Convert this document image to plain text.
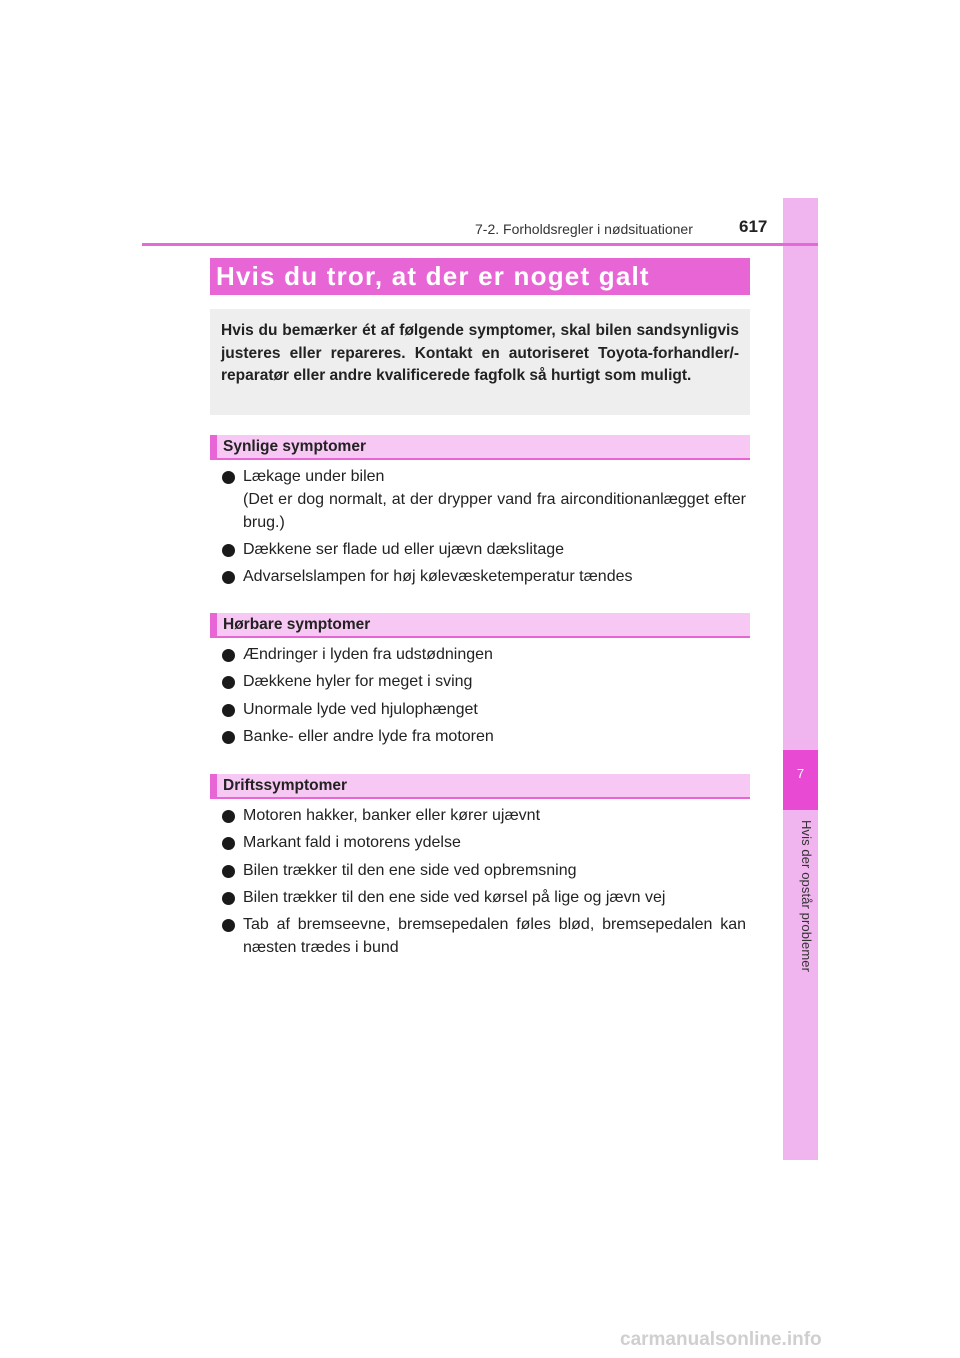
7
Hvis der opstår problemer
7-2. Forholdsregler i nødsituationer	617
Hvis du tror, at der er noget galt
Hvis du bemærker ét af følgende symptomer, skal bilen sandsynligvis justeres eller repareres. Kontakt en autoriseret Toyota-forhandler/-reparatør eller andre kvalificerede fagfolk så hurtigt som muligt.
Synlige symptomer
Lækage under bilen
(Det er dog normalt, at der drypper vand fra airconditionanlægget efter brug.)
Dækkene ser flade ud eller ujævn dækslitage
Advarselslampen for høj kølevæsketemperatur tændes
Hørbare symptomer
Ændringer i lyden fra udstødningen
Dækkene hyler for meget i sving
Unormale lyde ved hjulophænget
Banke- eller andre lyde fra motoren
Driftssymptomer
Motoren hakker, banker eller kører ujævnt
Markant fald i motorens ydelse
Bilen trækker til den ene side ved opbremsning
Bilen trækker til den ene side ved kørsel på lige og jævn vej
Tab af bremseevne, bremsepedalen føles blød, bremsepedalen kan næsten trædes i bund
carmanualsonline.info
